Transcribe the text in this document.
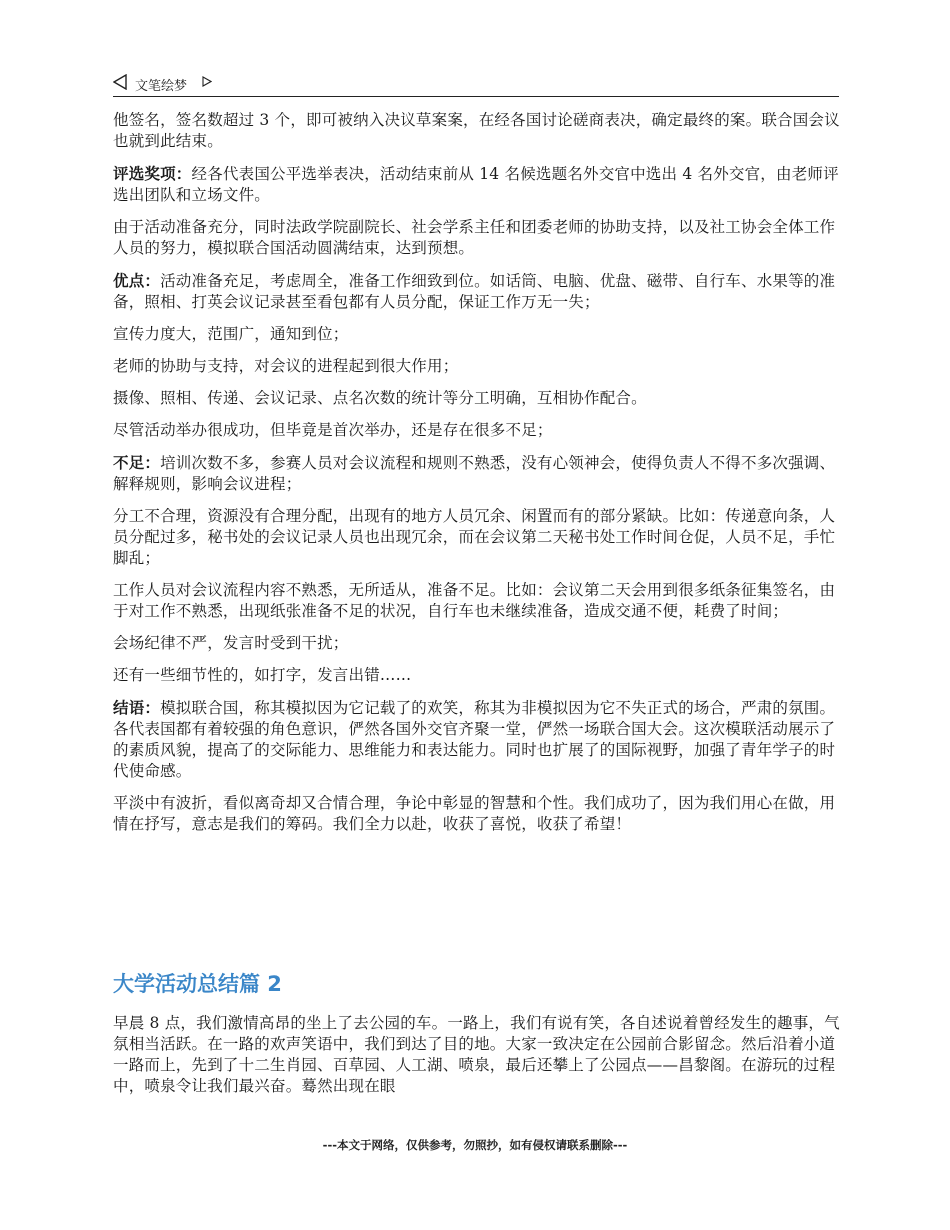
文笔绘梦

他签名，签名数超过 3 个，即可被纳入决议草案案，在经各国讨论磋商表决，确定最终的案。联合国会议也就到此结束。

评选奖项：经各代表国公平选举表决，活动结束前从 14 名候选题名外交官中选出 4 名外交官，由老师评选出团队和立场文件。

由于活动准备充分，同时法政学院副院长、社会学系主任和团委老师的协助支持，以及社工协会全体工作人员的努力，模拟联合国活动圆满结束，达到预想。

优点：活动准备充足，考虑周全，准备工作细致到位。如话筒、电脑、优盘、磁带、自行车、水果等的准备，照相、打英会议记录甚至看包都有人员分配，保证工作万无一失；

宣传力度大，范围广，通知到位；

老师的协助与支持，对会议的进程起到很大作用；

摄像、照相、传递、会议记录、点名次数的统计等分工明确，互相协作配合。

尽管活动举办很成功，但毕竟是首次举办，还是存在很多不足；

不足：培训次数不多，参赛人员对会议流程和规则不熟悉，没有心领神会，使得负责人不得不多次强调、解释规则，影响会议进程；

分工不合理，资源没有合理分配，出现有的地方人员冗余、闲置而有的部分紧缺。比如：传递意向条，人员分配过多，秘书处的会议记录人员也出现冗余，而在会议第二天秘书处工作时间仓促，人员不足，手忙脚乱；

工作人员对会议流程内容不熟悉，无所适从，准备不足。比如：会议第二天会用到很多纸条征集签名，由于对工作不熟悉，出现纸张准备不足的状况，自行车也未继续准备，造成交通不便，耗费了时间；

会场纪律不严，发言时受到干扰；

还有一些细节性的，如打字，发言出错……

结语：模拟联合国，称其模拟因为它记载了的欢笑，称其为非模拟因为它不失正式的场合，严肃的氛围。各代表国都有着较强的角色意识，俨然各国外交官齐聚一堂，俨然一场联合国大会。这次模联活动展示了的素质风貌，提高了的交际能力、思维能力和表达能力。同时也扩展了的国际视野，加强了青年学子的时代使命感。

平淡中有波折，看似离奇却又合情合理，争论中彰显的智慧和个性。我们成功了，因为我们用心在做，用情在抒写，意志是我们的筹码。我们全力以赴，收获了喜悦，收获了希望！

大学活动总结篇 2

早晨 8 点，我们激情高昂的坐上了去公园的车。一路上，我们有说有笑，各自述说着曾经发生的趣事，气氛相当活跃。在一路的欢声笑语中，我们到达了目的地。大家一致决定在公园前合影留念。然后沿着小道一路而上，先到了十二生肖园、百草园、人工湖、喷泉，最后还攀上了公园点——昌黎阁。在游玩的过程中，喷泉令让我们最兴奋。蓦然出现在眼

---本文于网络，仅供参考，勿照抄，如有侵权请联系删除---
